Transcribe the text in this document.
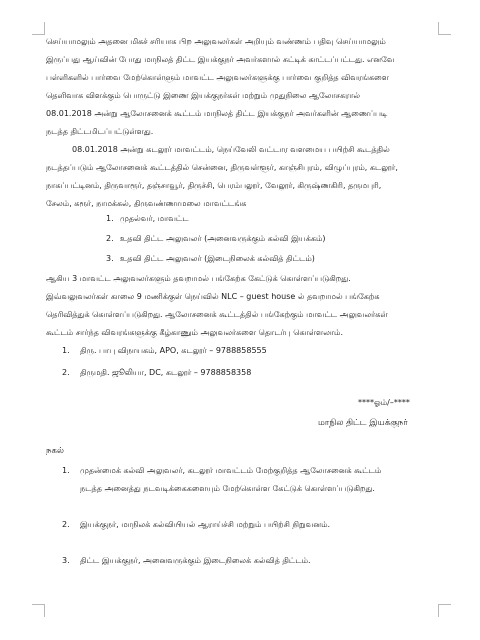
செய்யாமலும் அதனை மிகச் சரியாக பிற அலுவலர்கள் அறியும் வண்ணம் பதிவு செய்யாமலும்
இருப்பது ஆய்வின் போது மாநிலத் திட்ட இயக்குநர் அவர்களால் சுட்டிக் காட்டப்பட்டது. எனவே
பள்ளிகளில் பார்வை மேற்கொள்ளும் மாவட்ட அலுவலர்களுக்கு பார்வை குறித்த விவரங்களை
தெளிவாக விளக்கும் பொருட்டு இணை இயக்குநர்கள் மற்றும் முதுநிலை ஆலோசகரால்
08.01.2018 அன்று ஆலோசனைக் கூட்டம் மாநிலத் திட்ட இயக்குநர் அவர்களின் ஆணைப்படி
நடத்த திட்டமிடப்பட்டுள்ளது.
08.01.2018 அன்று கடலூர் மாவட்டம், நெய்வேலி வட்டார வளமைய பயிற்சி கூடத்தில்
நடத்தப்படும் ஆலோசனைக் கூட்டத்தில் சென்னை, திருவள்ளூர், காஞ்சிபுரம், விழுப்புரம், கடலூர்,
நாகப்பட்டினம், திருவாரூர், தஞ்சாவூர், திருச்சி, பெரம்பலூர், வேலூர், கிருஷ்ணகிரி, தருமபுரி,
சேலம், கரூர், நாமக்கல், திருவண்ணாமலை மாவட்டங்க
1. முதல்வர், மாவட்ட
2. உதவி திட்ட அலுவலர் (அனைவருக்கும் கல்வி இயக்கம்)
3. உதவி திட்ட அலுவலர் (இடைநிலைக் கல்வித் திட்டம்)
ஆகிய 3 மாவட்ட அலுவலர்களும் தவறாமல் பங்கேற்க கேட்டுக் கொள்ளப்படுகிறது.
இவ்வலுவலர்கள் காலை 9 மணிக்குள் நெய்வில் NLC – guest house ல் தவறாமல் பங்கேற்க
தெரிவித்துக் கொள்ளப்படுகிறது. ஆலோசனைக் கூட்டத்தில் பங்கேற்கும் மாவட்ட அலுவலர்கள்
கூட்டம் சார்ந்த விவரங்களுக்கு கீழ்காணும் அலுவலர்களை தொடர்பு கொள்ளலாம்.
1.	திரு. பாபு விநாயகம், APO, கடலூர் – 9788858555
2.	திருமதி. ஜூலியா, DC, கடலூர் – 9788858358
****ஓம்/–****
மாநில திட்ட இயக்குநர்
நகல்
1.	முதன்மைக் கல்வி அலுவலர், கடலூர் மாவட்டம் மேற்குறித்த ஆலோசனைக் கூட்டம்
நடத்த அனைத்து நடவடிக்கைகளையும் மேற்கொள்ள கேட்டுக் கொள்ளப்படுகிறது.
2.	இயக்குநர், மாநிலக் கல்வியியல் ஆராய்ச்சி மற்றும் பயிற்சி நிறுவனம்.
3.	திட்ட இயக்குநர், அனைவருக்கும் இடைநிலைக் கல்வித் திட்டம்.
